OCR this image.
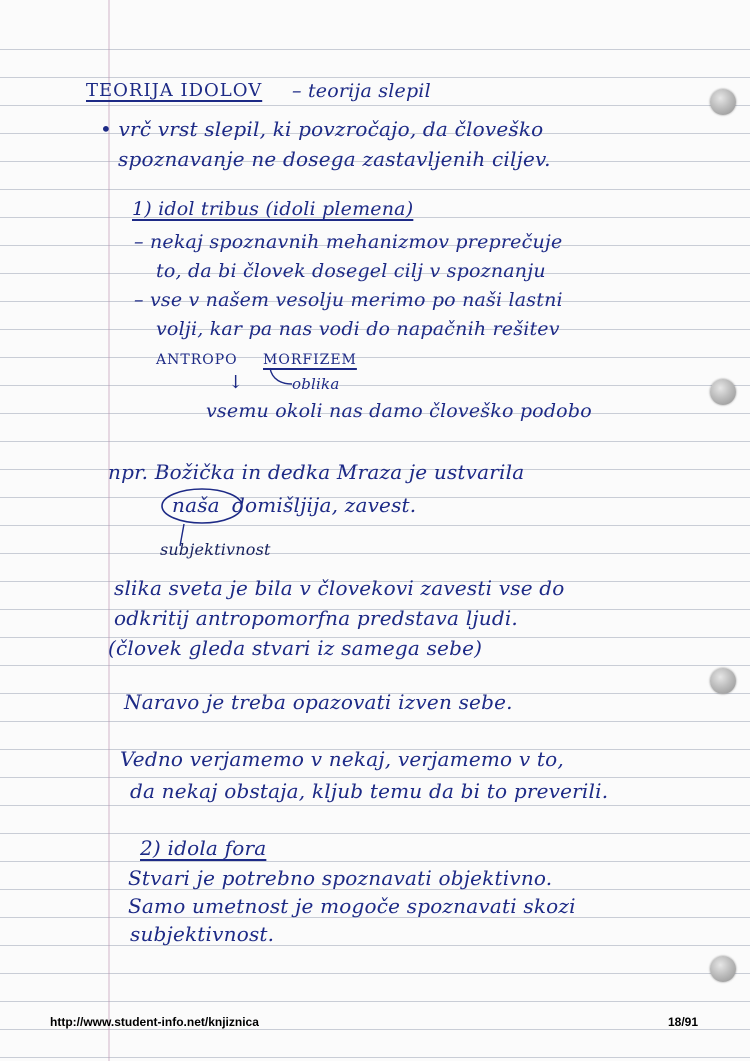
TEORIJA IDOLOV – teorija slepil
• vrč vrst slepil, ki povzročajo, da človeško
spoznavanje ne dosega zastavljenih ciljev.
1) idol tribus (idoli plemena)
– nekaj spoznavnih mehanizmov preprečuje
to, da bi človek dosegel cilj v spoznanju
– vse v našem vesolju merimo po naši lastni
volji, kar pa nas vodi do napačnih rešitev
ANTROPO MORFIZEM
↓	oblika
vsemu okoli nas damo človeško podobo
npr. Božička in dedka Mraza je ustvarila
naša domišljija, zavest.
subjektivnost
slika sveta je bila v človekovi zavesti vse do
odkritij antropomorfna predstava ljudi.
(človek gleda stvari iz samega sebe)
Naravo je treba opazovati izven sebe.
Vedno verjamemo v nekaj, verjamemo v to,
da nekaj obstaja, kljub temu da bi to preverili.
2) idola fora
Stvari je potrebno spoznavati objektivno.
Samo umetnost je mogoče spoznavati skozi
subjektivnost.
http://www.student-info.net/knjiznica	18/91
